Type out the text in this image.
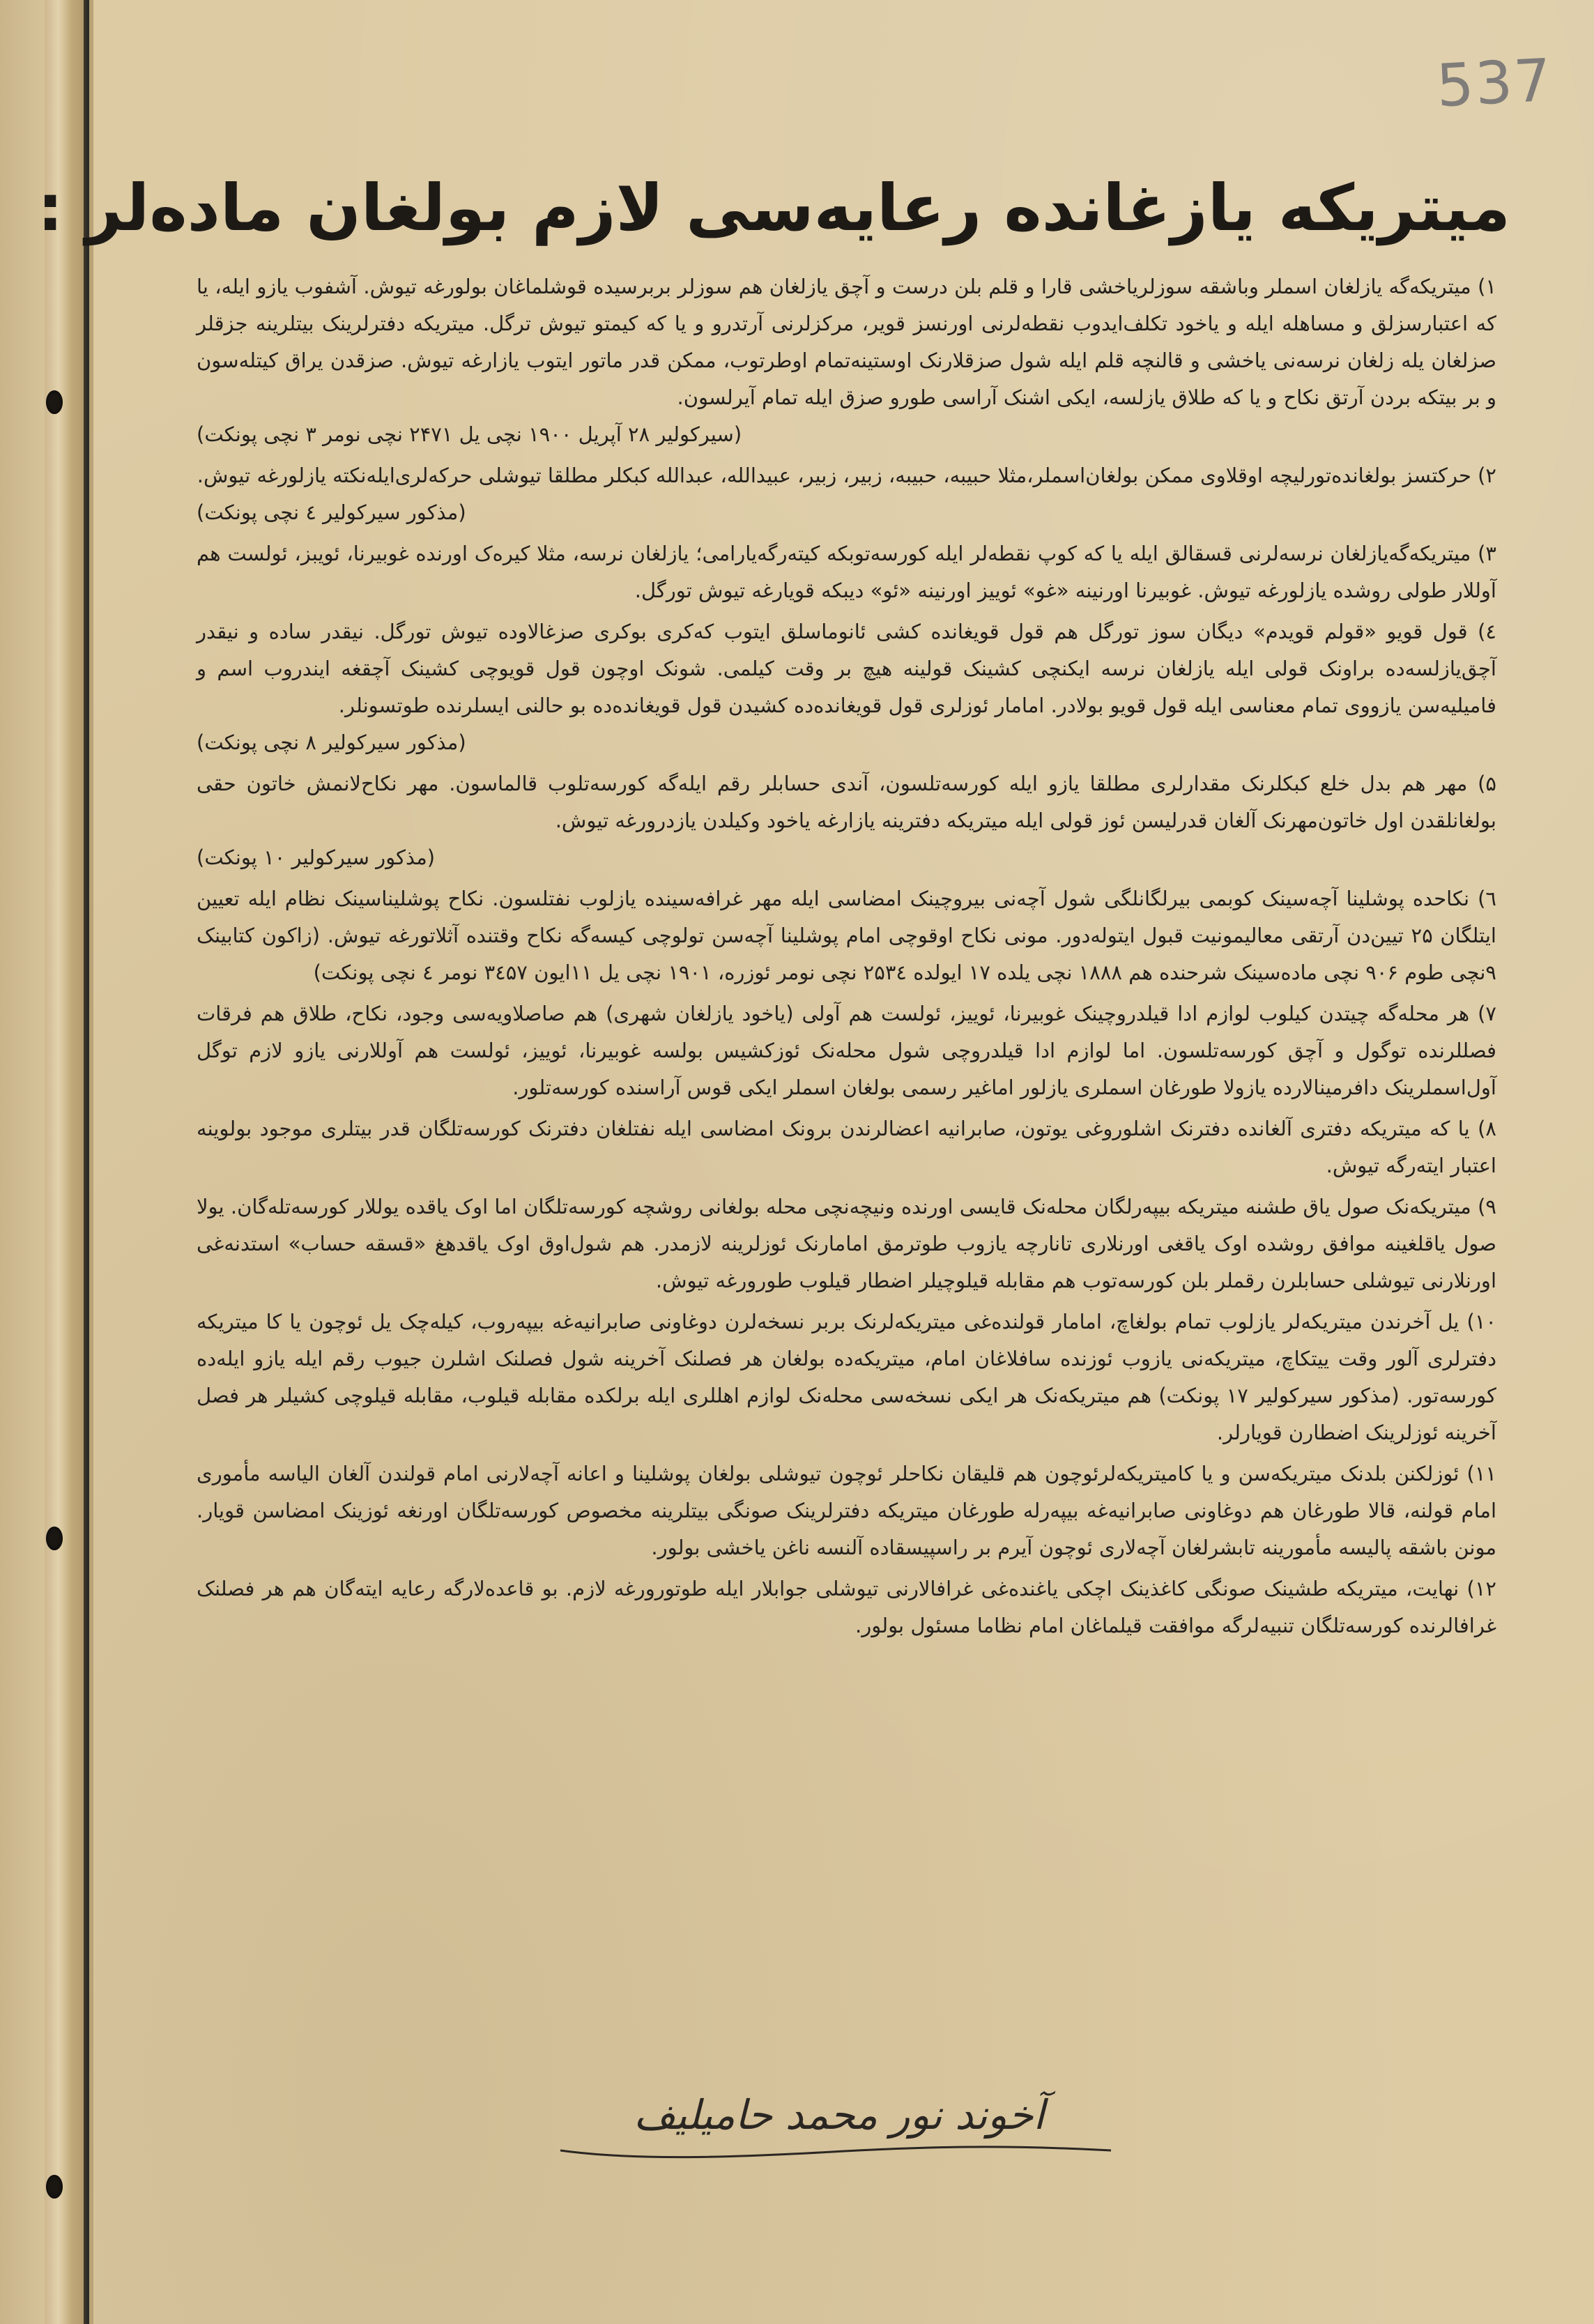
537
میتریکه یازغانده رعایه‌سی لازم بولغان ماده‌لر :
۱) میتریکه‌گه یازلغان اسملر وباشقه سوزلریاخشی قارا و قلم بلن درست و آچق یازلغان هم سوزلر بربرسیده قوشلماغان بولورغه تیوش. آشفوب یازو ایله، یا که اعتبارسزلق و مساهله ایله و یاخود تکلف‌ایدوب نقطه‌لرنی اورنسز قویر، مرکزلرنی آرتدرو و یا که کیمتو تیوش ترگل. میتریکه دفترلرینک بیتلرینه جزقلر صزلغان یله زلغان نرسه‌نی یاخشی و قالنچه قلم ایله شول صزقلارنک اوستینه‌تمام اوطرتوب، ممکن قدر ماتور ایتوب یازارغه تیوش. صزقدن یراق کیتله‌سون و بر بیتکه بردن آرتق نکاح و یا که طلاق یازلسه، ایکی اشنک آراسی طورو صزق ایله تمام آیرلسون.
(سیرکولیر ۲۸ آپریل ۱۹۰۰ نچی یل ۲۴۷۱ نچی نومر ۳ نچی پونکت)
۲) حرکتسز بولغانده‌تورلیچه اوقلاوی ممکن بولغان‌اسملر،مثلا حبیبه، حبیبه، زبیر، زبیر، عبیدالله، عبدالله کبکلر مطلقا تیوشلی حرکه‌لری‌ایله‌نکته یازلورغه تیوش.
(مذکور سیرکولیر ٤ نچی پونکت)
۳) میتریکه‌گه‌یازلغان نرسه‌لرنی قسقالق ایله یا که کوپ نقطه‌لر ایله کورسه‌توبکه کیته‌رگه‌یارامی؛ یازلغان نرسه، مثلا کیره‌ک اورنده غوبیرنا، ئویبز، ئولست هم آوللار طولی روشده یازلورغه تیوش. غوبیرنا اورنینه «غو» ئوییز اورنینه «ئو» دیبکه قویارغه تیوش تورگل.
٤) قول قویو «قولم قویدم» دیگان سوز تورگل هم قول قویغانده کشی ئانوماسلق ایتوب که‌کری بوکری صزغالاوده تیوش تورگل. نیقدر ساده و نیقدر آچق‌یازلسه‌ده براونک قولی ایله یازلغان نرسه ایکنچی کشینک قولینه هیچ بر وقت کیلمی. شونک اوچون قول قویوچی کشینک آچقغه ایندروب اسم و فامیلیه‌سن یازووی تمام معناسی ایله قول قویو بولادر. امامار ئوزلری قول قویغانده‌ده کشیدن قول قویغانده‌ده بو حالنی ایسلرنده طوتسونلر.
(مذکور سیرکولیر ۸ نچی پونکت)
۵) مهر هم بدل خلع کبکلرنک مقدارلری مطلقا یازو ایله کورسه‌تلسون، آندی حسابلر رقم ایله‌گه کورسه‌تلوب قالماسون. مهر نکاح‌لانمش خاتون حقی بولغانلقدن اول خاتون‌مهرنک آلغان قدرلیسن ئوز قولی ایله میتریکه دفترینه یازارغه یاخود وکیلدن یازدرورغه تیوش.
(مذکور سیرکولیر ۱۰ پونکت)
٦) نکاحده پوشلینا آچه‌سینک کوبمی بیرلگانلگی شول آچه‌نی بیروچینک امضاسی ایله مهر غرافه‌سینده یازلوب نفتلسون. نکاح پوشلیناسینک نظام ایله تعیین ایتلگان ۲۵ تیین‌دن آرتقی معالیمونیت قبول ایتوله‌دور. مونی نکاح اوقوچی امام پوشلینا آچه‌سن تولوچی کیسه‌گه نکاح وقتنده آثلاتورغه تیوش. (زاکون کتابینک ۹نچی طوم ۹۰۶ نچی ماده‌سینک شرحنده هم ۱۸۸۸ نچی یلده ۱۷ ایولده ۲۵۳٤ نچی نومر ئوزره، ۱۹۰۱ نچی یل ۱۱ایون ۳٤۵۷ نومر ٤ نچی پونکت)
۷) هر محله‌گه چیتدن کیلوب لوازم ادا قیلدروچینک غوبیرنا، ئوییز، ئولست هم آولی (یاخود یازلغان شهری) هم صاصلاویه‌سی وجود، نکاح، طلاق هم فرقات فصللرنده توگول و آچق کورسه‌تلسون. اما لوازم ادا قیلدروچی شول محله‌نک ئوزکشیس بولسه غوبیرنا، ئوییز، ئولست هم آوللارنی یازو لازم توگل آول‌اسملرینک دافرمینالارده یازولا طورغان اسملری یازلور اماغیر رسمی بولغان اسملر ایکی قوس آراسنده کورسه‌تلور.
۸) یا که میتریکه دفتری آلغانده دفترنک اشلوروغی یوتون، صابرانیه اعضالرندن برونک امضاسی ایله نفتلغان دفترنک کورسه‌تلگان قدر بیتلری موجود بولوینه اعتبار ایته‌رگه تیوش.
۹) میتریکه‌نک صول یاق طشنه میتریکه بیپه‌رلگان محله‌نک قایسی اورنده ونیچه‌نچی محله بولغانی روشچه کورسه‌تلگان اما اوک یاقده یوللار کورسه‌تله‌گان. یولا صول یاقلغینه موافق روشده اوک یاقغی اورنلاری تانارچه یازوب طوترمق امامارنک ئوزلرینه لازمدر. هم شول‌اوق اوک یاقدهغ «قسقه حساب» استدنه‌غی اورنلارنی تیوشلی حسابلرن رقملر بلن کورسه‌توب هم مقابله قیلوچیلر اضطار قیلوب طورورغه تیوش.
۱۰) یل آخرندن میتریکه‌لر یازلوب تمام بولغاچ، امامار قولنده‌غی میتریکه‌لرنک بر‌بر نسخه‌لرن دوغاونی صابرانیه‌غه بیپه‌روب، کیله‌چک یل ئوچون یا کا میتریکه دفترلری آلور وقت ییتکاچ، میتریکه‌نی یازوب ئوزنده سافلاغان امام، میتریکه‌ده بولغان هر فصلنک آخرینه شول فصلنک اشلرن جیوب رقم ایله یازو ایله‌ده کورسه‌تور. (مذکور سیرکولیر ۱۷ پونکت) هم میتریکه‌نک هر ایکی نسخه‌سی محله‌نک لوازم اهللری ایله برلکده مقابله قیلوب، مقابله قیلوچی کشیلر هر فصل آخرینه ئوزلرینک اضطارن قویارلر.
۱۱) ئوزلکنن بلدنک میتریکه‌سن و یا کامیتریکه‌لرئوچون هم قلیقان نکاحلر ئوچون تیوشلی بولغان پوشلینا و اعانه آچه‌لارنی امام قولندن آلغان الیاسه مأموری امام قولنه، قالا طورغان هم دوغاونی صابرانیه‌غه بیپه‌رله طورغان میتریکه دفترلرینک صونگی بیتلرینه مخصوص کورسه‌تلگان اورنغه ئوزینک امضاسن قویار. مونن باشقه پالیسه مأمورینه تابشرلغان آچه‌لاری ئوچون آیرم بر راسپیسقاده آلنسه ناغن یاخشی بولور.
۱۲) نهایت، میتریکه طشینک صونگی کاغذینک اچکی یاغنده‌غی غرافالارنی تیوشلی جوابلار ایله طوتورورغه لازم. بو قاعده‌لارگه رعایه ایته‌گان هم هر فصلنک غرافالرنده کورسه‌تلگان تنبیه‌لرگه موافقت قیلماغان امام نظاما مسئول بولور.
آخوند نور محمد حامیلیف
